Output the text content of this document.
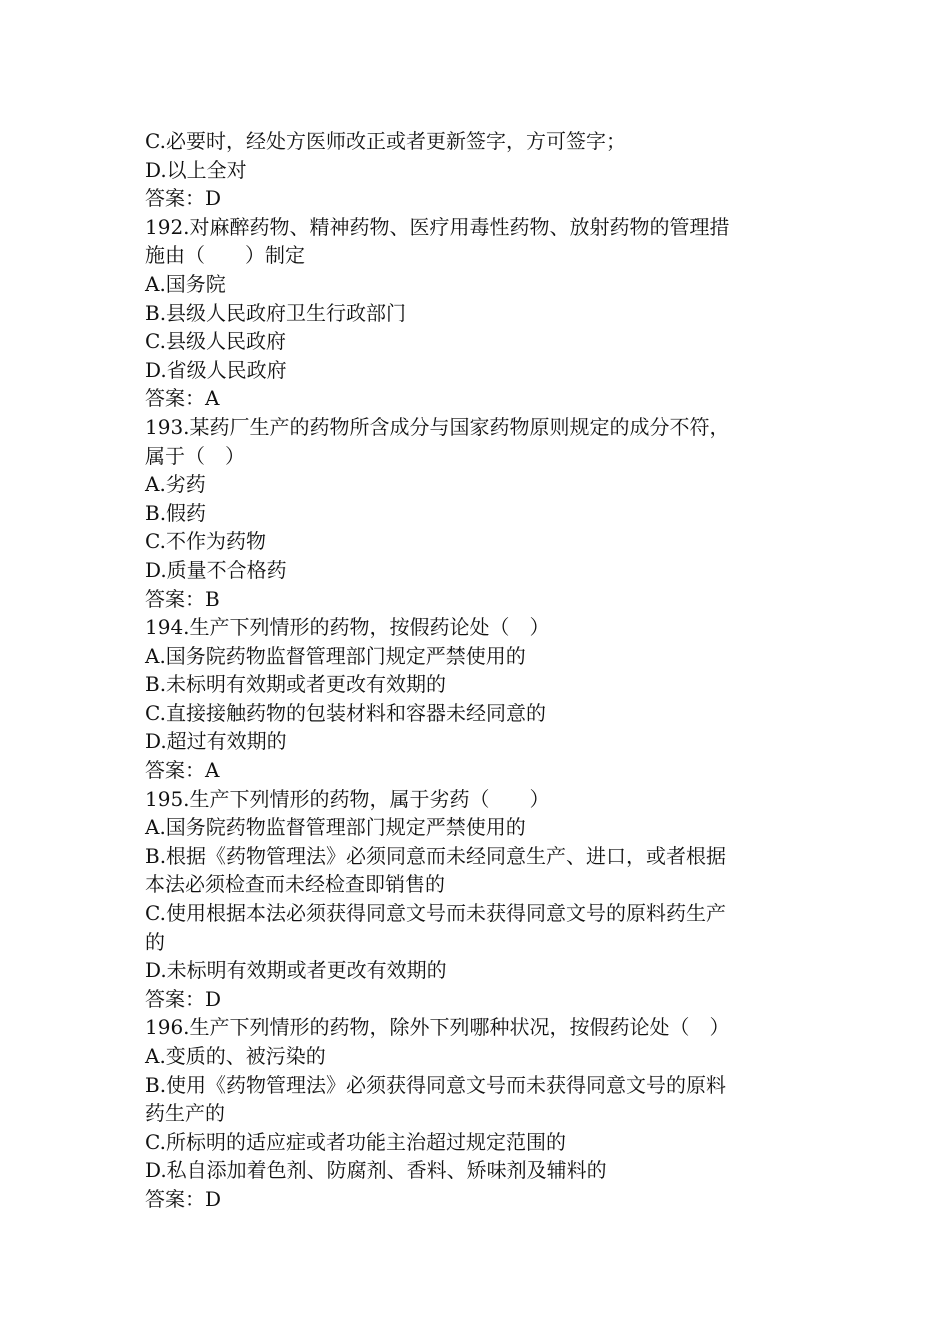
C.必要时，经处方医师改正或者更新签字，方可签字；
D.以上全对
答案：D
192.对麻醉药物、精神药物、医疗用毒性药物、放射药物的管理措
施由（　　）制定
A.国务院
B.县级人民政府卫生行政部门
C.县级人民政府
D.省级人民政府
答案：A
193.某药厂生产的药物所含成分与国家药物原则规定的成分不符，
属于（　）
A.劣药
B.假药
C.不作为药物
D.质量不合格药
答案：B
194.生产下列情形的药物，按假药论处（　）
A.国务院药物监督管理部门规定严禁使用的
B.未标明有效期或者更改有效期的
C.直接接触药物的包装材料和容器未经同意的
D.超过有效期的
答案：A
195.生产下列情形的药物，属于劣药（　　）
A.国务院药物监督管理部门规定严禁使用的
B.根据《药物管理法》必须同意而未经同意生产、进口，或者根据
本法必须检查而未经检查即销售的
C.使用根据本法必须获得同意文号而未获得同意文号的原料药生产
的
D.未标明有效期或者更改有效期的
答案：D
196.生产下列情形的药物，除外下列哪种状况，按假药论处（　）
A.变质的、被污染的
B.使用《药物管理法》必须获得同意文号而未获得同意文号的原料
药生产的
C.所标明的适应症或者功能主治超过规定范围的
D.私自添加着色剂、防腐剂、香料、矫味剂及辅料的
答案：D
